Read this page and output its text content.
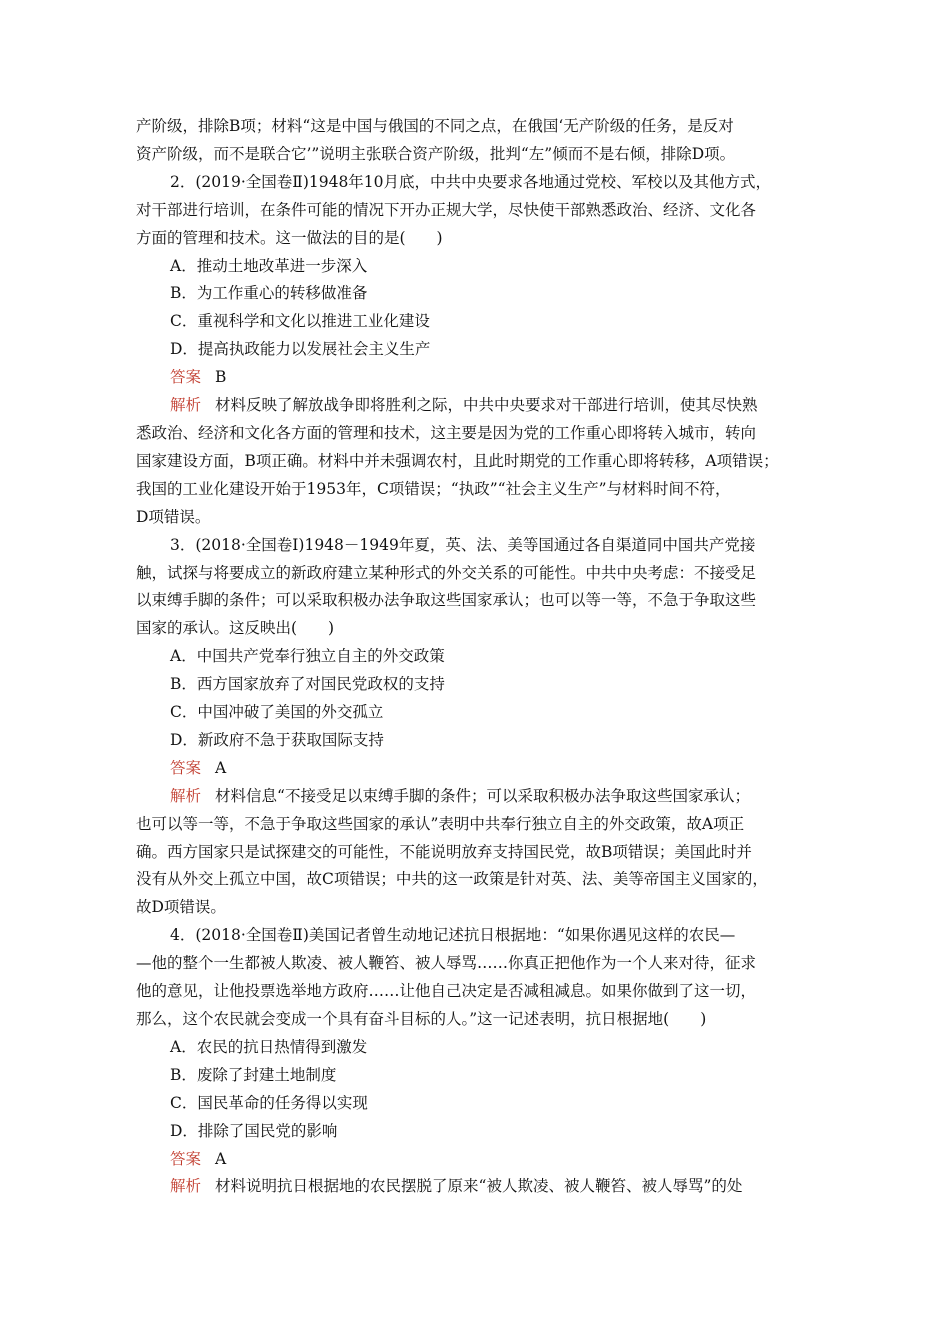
产阶级，排除B项；材料“这是中国与俄国的不同之点，在俄国‘无产阶级的任务，是反对
资产阶级，而不是联合它’”说明主张联合资产阶级，批判“左”倾而不是右倾，排除D项。
2．(2019·全国卷Ⅱ)1948年10月底，中共中央要求各地通过党校、军校以及其他方式，
对干部进行培训，在条件可能的情况下开办正规大学，尽快使干部熟悉政治、经济、文化各
方面的管理和技术。这一做法的目的是(　　)

A．推动土地改革进一步深入

B．为工作重心的转移做准备

C．重视科学和文化以推进工业化建设

D．提高执政能力以发展社会主义生产

答案 B

解析 材料反映了解放战争即将胜利之际，中共中央要求对干部进行培训，使其尽快熟
悉政治、经济和文化各方面的管理和技术，这主要是因为党的工作重心即将转入城市，转向
国家建设方面，B项正确。材料中并未强调农村，且此时期党的工作重心即将转移，A项错误；
我国的工业化建设开始于1953年，C项错误；“执政”“社会主义生产”与材料时间不符，
D项错误。
3．(2018·全国卷Ⅰ)1948－1949年夏，英、法、美等国通过各自渠道同中国共产党接
触，试探与将要成立的新政府建立某种形式的外交关系的可能性。中共中央考虑：不接受足
以束缚手脚的条件；可以采取积极办法争取这些国家承认；也可以等一等，不急于争取这些
国家的承认。这反映出(　　)

A．中国共产党奉行独立自主的外交政策

B．西方国家放弃了对国民党政权的支持

C．中国冲破了美国的外交孤立

D．新政府不急于获取国际支持

答案 A

解析 材料信息“不接受足以束缚手脚的条件；可以采取积极办法争取这些国家承认；
也可以等一等，不急于争取这些国家的承认”表明中共奉行独立自主的外交政策，故A项正
确。西方国家只是试探建交的可能性，不能说明放弃支持国民党，故B项错误；美国此时并
没有从外交上孤立中国，故C项错误；中共的这一政策是针对英、法、美等帝国主义国家的，
故D项错误。
4．(2018·全国卷Ⅱ)美国记者曾生动地记述抗日根据地：“如果你遇见这样的农民—
—他的整个一生都被人欺凌、被人鞭笞、被人辱骂……你真正把他作为一个人来对待，征求
他的意见，让他投票选举地方政府……让他自己决定是否减租减息。如果你做到了这一切，
那么，这个农民就会变成一个具有奋斗目标的人。”这一记述表明，抗日根据地(　　)

A．农民的抗日热情得到激发

B．废除了封建土地制度

C．国民革命的任务得以实现

D．排除了国民党的影响

答案 A

解析 材料说明抗日根据地的农民摆脱了原来“被人欺凌、被人鞭笞、被人辱骂”的处
